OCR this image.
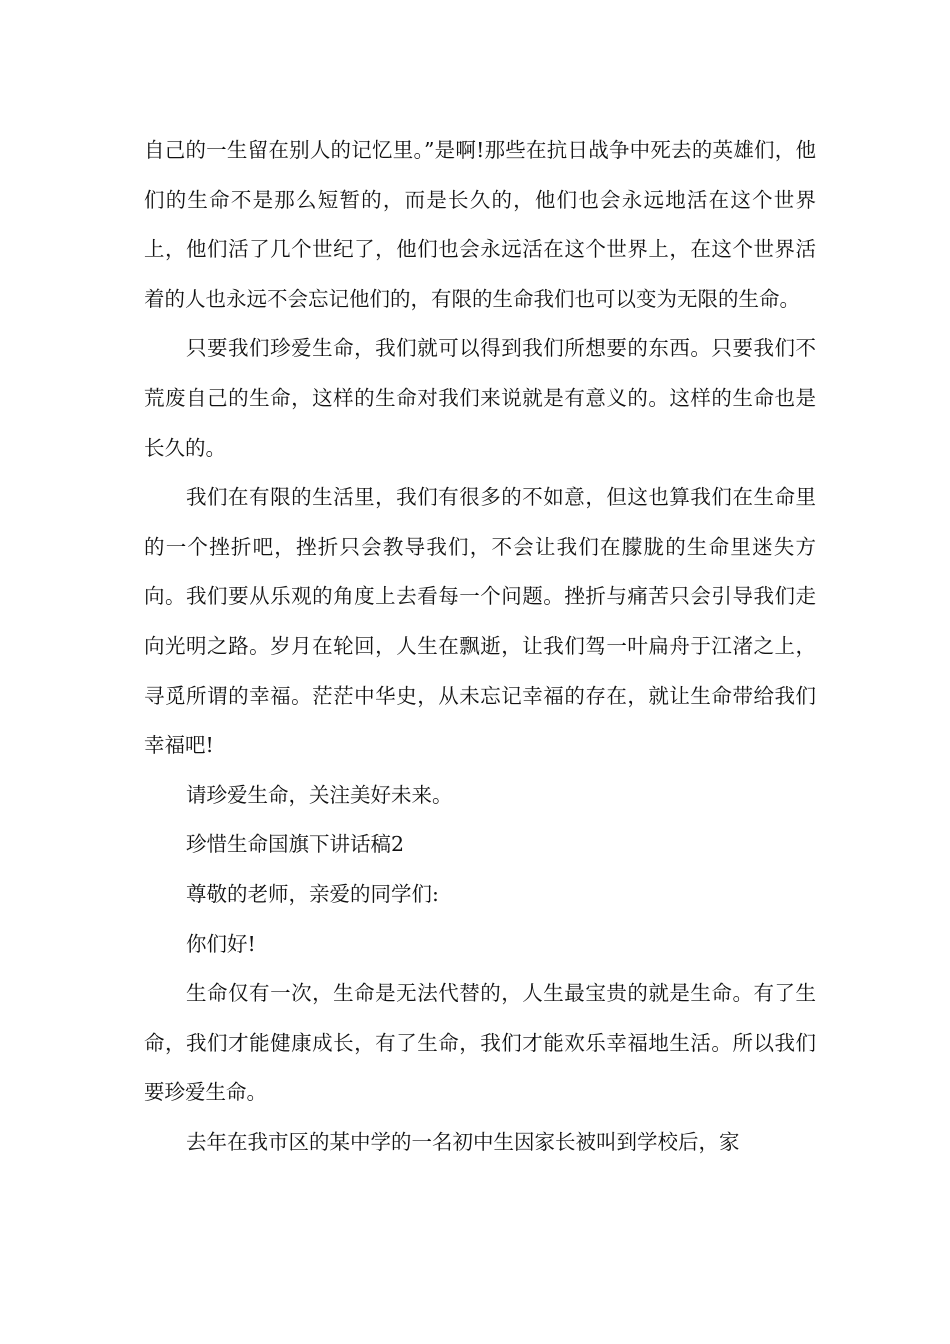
自己的一生留在别人的记忆里。”是啊!那些在抗日战争中死去的英雄们，他们的生命不是那么短暂的，而是长久的，他们也会永远地活在这个世界上，他们活了几个世纪了，他们也会永远活在这个世界上，在这个世界活着的人也永远不会忘记他们的，有限的生命我们也可以变为无限的生命。

只要我们珍爱生命，我们就可以得到我们所想要的东西。只要我们不荒废自己的生命，这样的生命对我们来说就是有意义的。这样的生命也是长久的。

我们在有限的生活里，我们有很多的不如意，但这也算我们在生命里的一个挫折吧，挫折只会教导我们，不会让我们在朦胧的生命里迷失方向。我们要从乐观的角度上去看每一个问题。挫折与痛苦只会引导我们走向光明之路。岁月在轮回，人生在飘逝，让我们驾一叶扁舟于江渚之上，寻觅所谓的幸福。茫茫中华史，从未忘记幸福的存在，就让生命带给我们幸福吧!

请珍爱生命，关注美好未来。

珍惜生命国旗下讲话稿2

尊敬的老师，亲爱的同学们:

你们好!

生命仅有一次，生命是无法代替的，人生最宝贵的就是生命。有了生命，我们才能健康成长，有了生命，我们才能欢乐幸福地生活。所以我们要珍爱生命。

去年在我市区的某中学的一名初中生因家长被叫到学校后，家
